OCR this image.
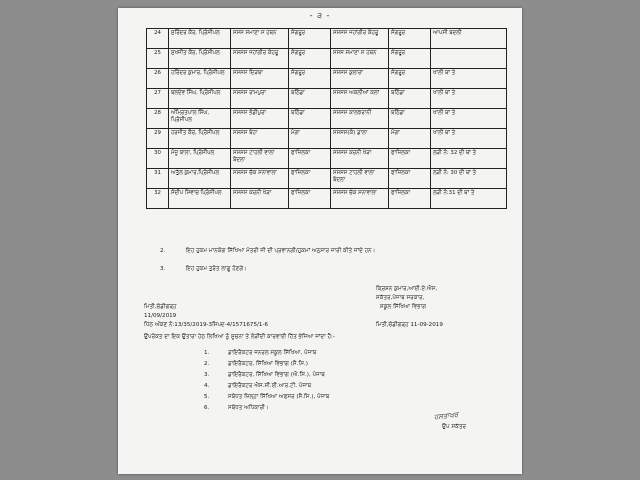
- ੩ -
24	ਸੁਰਿੰਦਰ ਕੌਰ, ਪ੍ਰਿੰਸੀਪਲ	ਸਸਸ ਸਮਾਣਾ ਸ ਹਥਨ	ਸੰਗਰੂਰ	ਸਸਸਸ ਜਹਾਂਗੀਰ ਕੰਹਰੂ	ਸੰਗਰੂਰ	ਆਪਸੀ ਬਦਲੀ
25	ਸੁਖਜੀਤ ਕੌਰ, ਪ੍ਰਿੰਸੀਪਲ	ਸਸਸਸ ਜਹਾਂਗੀਰ ਕੰਹਰੂ	ਸੰਗਰੂਰ	ਸਸਸ ਸਮਾਣਾ ਸ ਹਥਨ	ਸੰਗਰੂਰ	
26	ਹਰਿੰਦਰ ਕੁਮਾਰ, ਪ੍ਰਿੰਸੀਪਲ	ਸਸਸਸ ਦਿੜਬਾ	ਸੰਗਰੂਰ	ਸਸਸਸ ਕੁਲਾਰਾਂ	ਸੰਗਰੂਰ	ਖਾਲੀ ਥਾਂ ਤੇ
27	ਬਲਦੇਵ ਸਿੰਘ, ਪ੍ਰਿੰਸੀਪਲ	ਸਸਸਸ ਰਾਮਪੁਰਾ	ਬਠਿੰਡਾ	ਸਸਸਸ ਅਕਲੀਆਂ ਕਲਾਂ	ਬਠਿੰਡਾ	ਖਾਲੀ ਥਾਂ ਤੇ
28	ਅੰਮ੍ਰਿਤਪਾਲ ਸਿੰਘ, ਪ੍ਰਿੰਸੀਪਲ	ਸਸਸਸ ਭੋਡੀਪੁਰਾ	ਬਠਿੰਡਾ	ਸਸਸਸ ਕਾਲਝਰਾਨੀ	ਬਠਿੰਡਾ	ਖਾਲੀ ਥਾਂ ਤੇ
29	ਹਰਜੀਤ ਕੌਰ, ਪ੍ਰਿੰਸੀਪਲ	ਸਸਸਸ ਬੋਹਾ	ਮੋਗਾ	ਸਸਸਸ(ਕੰ) ਡਾਲਾ	ਮੋਗਾ	ਖਾਲੀ ਥਾਂ ਤੇ
30	ਮੰਜੂ ਬਾਲਾ, ਪ੍ਰਿੰਸੀਪਲ	ਸਸਸਸ ਟਾਹਲੀ ਵਾਲਾ ਬੋਦਲਾ	ਫਾਜ਼ਿਲਕਾ	ਸਸਸਸ ਕਰਨੀ ਖੇੜਾ	ਫਾਜ਼ਿਲਕਾ	ਲੜੀ ਨੰ: 32 ਦੀ ਥਾਂ ਤੇ
31	ਅਤੁੱਲ ਕੁਮਾਰ,ਪ੍ਰਿੰਸੀਪਲ	ਸਸਸਸ ਚੱਕ ਸਨਾਵਾਲਾ	ਫਾਜ਼ਿਲਕਾ	ਸਸਸਸ ਟਾਹਲੀ ਵਾਲਾ ਬੋਦਲਾ	ਫਾਜ਼ਿਲਕਾ	ਲੜੀ ਨੰ: 30 ਦੀ ਥਾਂ ਤੇ
32	ਸੰਦੀਪ ਸਿਵਾਚ ਪ੍ਰਿੰਸੀਪਲ	ਸਸਸਸ ਕਰਨੀ ਖੇੜਾ	ਫਾਜ਼ਿਲਕਾ	ਸਸਸਸ ਚੱਕ ਸਨਾਵਾਲਾ	ਫਾਜ਼ਿਲਕਾ	ਲੜੀ ਨੰ:31 ਦੀ ਥਾਂ ਤੇ
2.	ਇਹ ਹੁਕਮ ਮਾਨਯੋਗ ਸਿੱਖਿਆ ਮੰਤਰੀ ਜੀ ਦੀ ਪ੍ਰਵਾਨਗੀ/ਹੁਕਮਾਂ ਅਨੁਸਾਰ ਜਾਰੀ ਕੀਤੇ ਜਾਂਦੇ ਹਨ।
3.	ਇਹ ਹੁਕਮ ਤੁਰੰਤ ਲਾਗੂ ਹੋਣਗੇ।
ਕ੍ਰਿਸ਼ਨ ਕੁਮਾਰ,ਆਈ.ਏ.ਐਸ,
ਸਕੱਤਰ,ਪੰਜਾਬ ਸਰਕਾਰ,
ਸਕੂਲ ਸਿੱਖਿਆ ਵਿਭਾਗ
ਮਿਤੀ,ਚੰਡੀਗੜ੍ਹ
11/09/2019
ਪਿੱਠ ਅੰਕਣ ਨੰ:13/35/2019-3ਸਿ੫ਦ-4/1571675/1-6	ਮਿਤੀ,ਚੰਡੀਗੜ੍ਹ 11-09-2019
ਉਪਰੋਕਤ ਦਾ ਇਕ ਉਤਾਰਾ ਹੇਠ ਲਿਖਿਆ ਨੂੰ ਸੂਚਨਾ ਤੇ ਲੋੜੀਂਦੀ ਕਾਰਵਾਈ ਹਿੱਤ ਭੇਜਿਆ ਜਾਂਦਾ ਹੈ:-
1.	ਡਾਇਰੈਕਟਰ ਜਨਰਲ ਸਕੂਲ ਸਿੱਖਿਆ, ਪੰਜਾਬ
2.	ਡਾਇਰੈਕਟਰ, ਸਿੱਖਿਆ ਵਿਭਾਗ (ਸੈ.ਸਿ.)
3.	ਡਾਇਰੈਕਟਰ, ਸਿੱਖਿਆ ਵਿਭਾਗ (ਐ.ਸਿ.), ਪੰਜਾਬ
4.	ਡਾਇਰੈਕਟਰ ਐਸ.ਸੀ.ਈ.ਆਰ.ਟੀ. ਪੰਜਾਬ
5.	ਸਬੰਧਤ ਜ਼ਿਲ੍ਹਾ ਸਿੱਖਿਆ ਅਫਸਰ (ਸੈ.ਸਿ.), ਪੰਜਾਬ
6.	ਸਬੰਧਤ ਅਧਿਕਾਰੀ।
ਹਸਤਾਖਰ
ਉਪ ਸਕੱਤਰ
